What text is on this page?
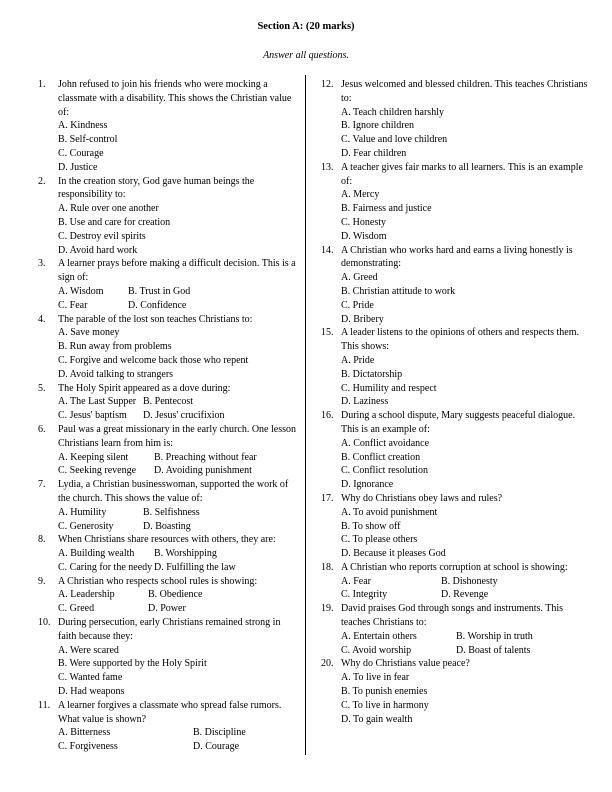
Section A: (20 marks)
Answer all questions.
1. John refused to join his friends who were mocking a classmate with a disability. This shows the Christian value of:
A. Kindness
B. Self-control
C. Courage
D. Justice
2. In the creation story, God gave human beings the responsibility to:
A. Rule over one another
B. Use and care for creation
C. Destroy evil spirits
D. Avoid hard work
3. A learner prays before making a difficult decision. This is a sign of:
A. Wisdom	B. Trust in God
C. Fear	D. Confidence
4. The parable of the lost son teaches Christians to:
A. Save money
B. Run away from problems
C. Forgive and welcome back those who repent
D. Avoid talking to strangers
5. The Holy Spirit appeared as a dove during:
A. The Last Supper B. Pentecost
C. Jesus' baptism	D. Jesus' crucifixion
6. Paul was a great missionary in the early church. One lesson Christians learn from him is:
A. Keeping silent	B. Preaching without fear
C. Seeking revenge	D. Avoiding punishment
7. Lydia, a Christian businesswoman, supported the work of the church. This shows the value of:
A. Humility	B. Selfishness
C. Generosity	D. Boasting
8. When Christians share resources with others, they are:
A. Building wealth	B. Worshipping
C. Caring for the needy D. Fulfilling the law
9. A Christian who respects school rules is showing:
A. Leadership	B. Obedience
C. Greed	D. Power
10. During persecution, early Christians remained strong in faith because they:
A. Were scared
B. Were supported by the Holy Spirit
C. Wanted fame
D. Had weapons
11. A learner forgives a classmate who spread false rumors. What value is shown?
A. Bitterness	B. Discipline
C. Forgiveness	D. Courage
12. Jesus welcomed and blessed children. This teaches Christians to:
A. Teach children harshly
B. Ignore children
C. Value and love children
D. Fear children
13. A teacher gives fair marks to all learners. This is an example of:
A. Mercy
B. Fairness and justice
C. Honesty
D. Wisdom
14. A Christian who works hard and earns a living honestly is demonstrating:
A. Greed
B. Christian attitude to work
C. Pride
D. Bribery
15. A leader listens to the opinions of others and respects them. This shows:
A. Pride
B. Dictatorship
C. Humility and respect
D. Laziness
16. During a school dispute, Mary suggests peaceful dialogue. This is an example of:
A. Conflict avoidance
B. Conflict creation
C. Conflict resolution
D. Ignorance
17. Why do Christians obey laws and rules?
A. To avoid punishment
B. To show off
C. To please others
D. Because it pleases God
18. A Christian who reports corruption at school is showing:
A. Fear	B. Dishonesty
C. Integrity	D. Revenge
19. David praises God through songs and instruments. This teaches Christians to:
A. Entertain others	B. Worship in truth
C. Avoid worship	D. Boast of talents
20. Why do Christians value peace?
A. To live in fear
B. To punish enemies
C. To live in harmony
D. To gain wealth
